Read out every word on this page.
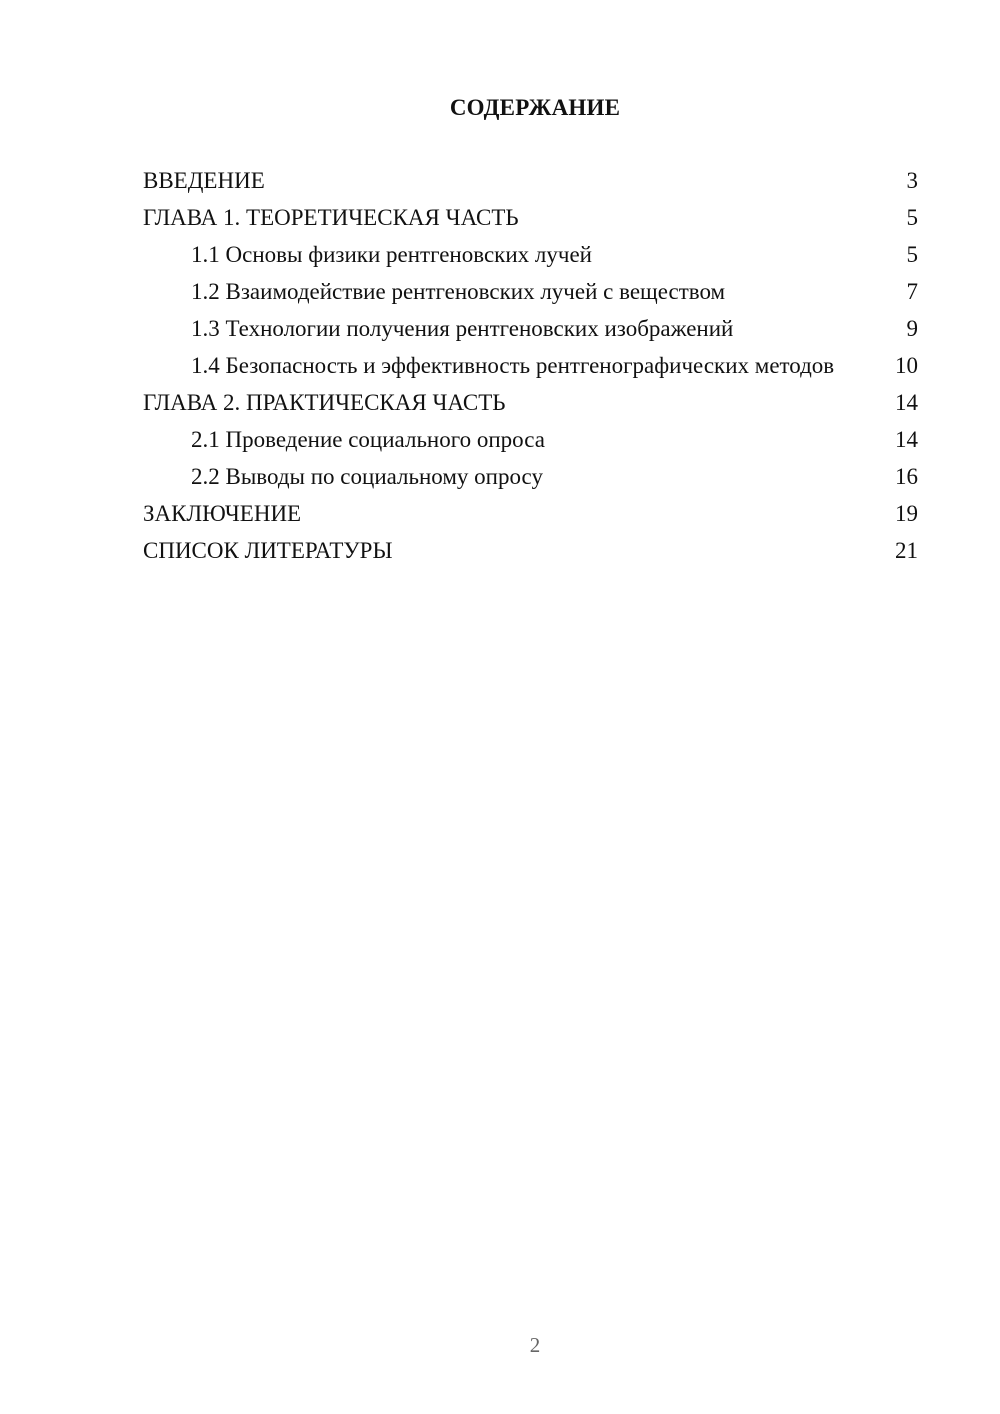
СОДЕРЖАНИЕ
ВВЕДЕНИЕ	3
ГЛАВА 1. ТЕОРЕТИЧЕСКАЯ ЧАСТЬ	5
1.1 Основы физики рентгеновских лучей	5
1.2 Взаимодействие рентгеновских лучей с веществом	7
1.3 Технологии получения рентгеновских изображений	9
1.4 Безопасность и эффективность рентгенографических методов	10
ГЛАВА 2. ПРАКТИЧЕСКАЯ ЧАСТЬ	14
2.1 Проведение социального опроса	14
2.2 Выводы по социальному опросу	16
ЗАКЛЮЧЕНИЕ	19
СПИСОК ЛИТЕРАТУРЫ	21
2
